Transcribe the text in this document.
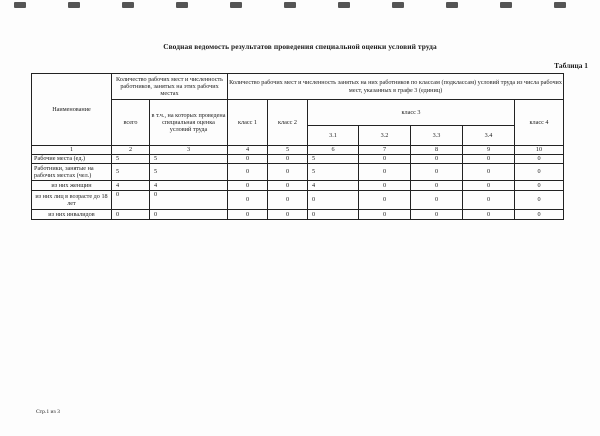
Сводная ведомость результатов проведения специальной оценки условий труда
Таблица 1
Наименование	Количество рабочих мест и численность работников, занятых на этих рабочих местах		Количество рабочих мест и численность занятых на них работников по классам (подклассам) условий труда из числа рабочих мест, указанных в графе 3 (единиц)						
	всего	в т.ч., на которых проведена специальная оценка условий труда	класс 1	класс 2	класс 3				класс 4
					3.1	3.2	3.3	3.4	
1	2	3	4	5	6	7	8	9	10
Рабочие места (ед.)	5	5	0	0	5	0	0	0	0
Работники, занятые на рабочих местах (чел.)	5	5	0	0	5	0	0	0	0
из них женщин	4	4	0	0	4	0	0	0	0
из них лиц в возрасте до 18 лет	0	0	0	0	0	0	0	0	0
из них инвалидов	0	0	0	0	0	0	0	0	0
Стр.1 из 3
